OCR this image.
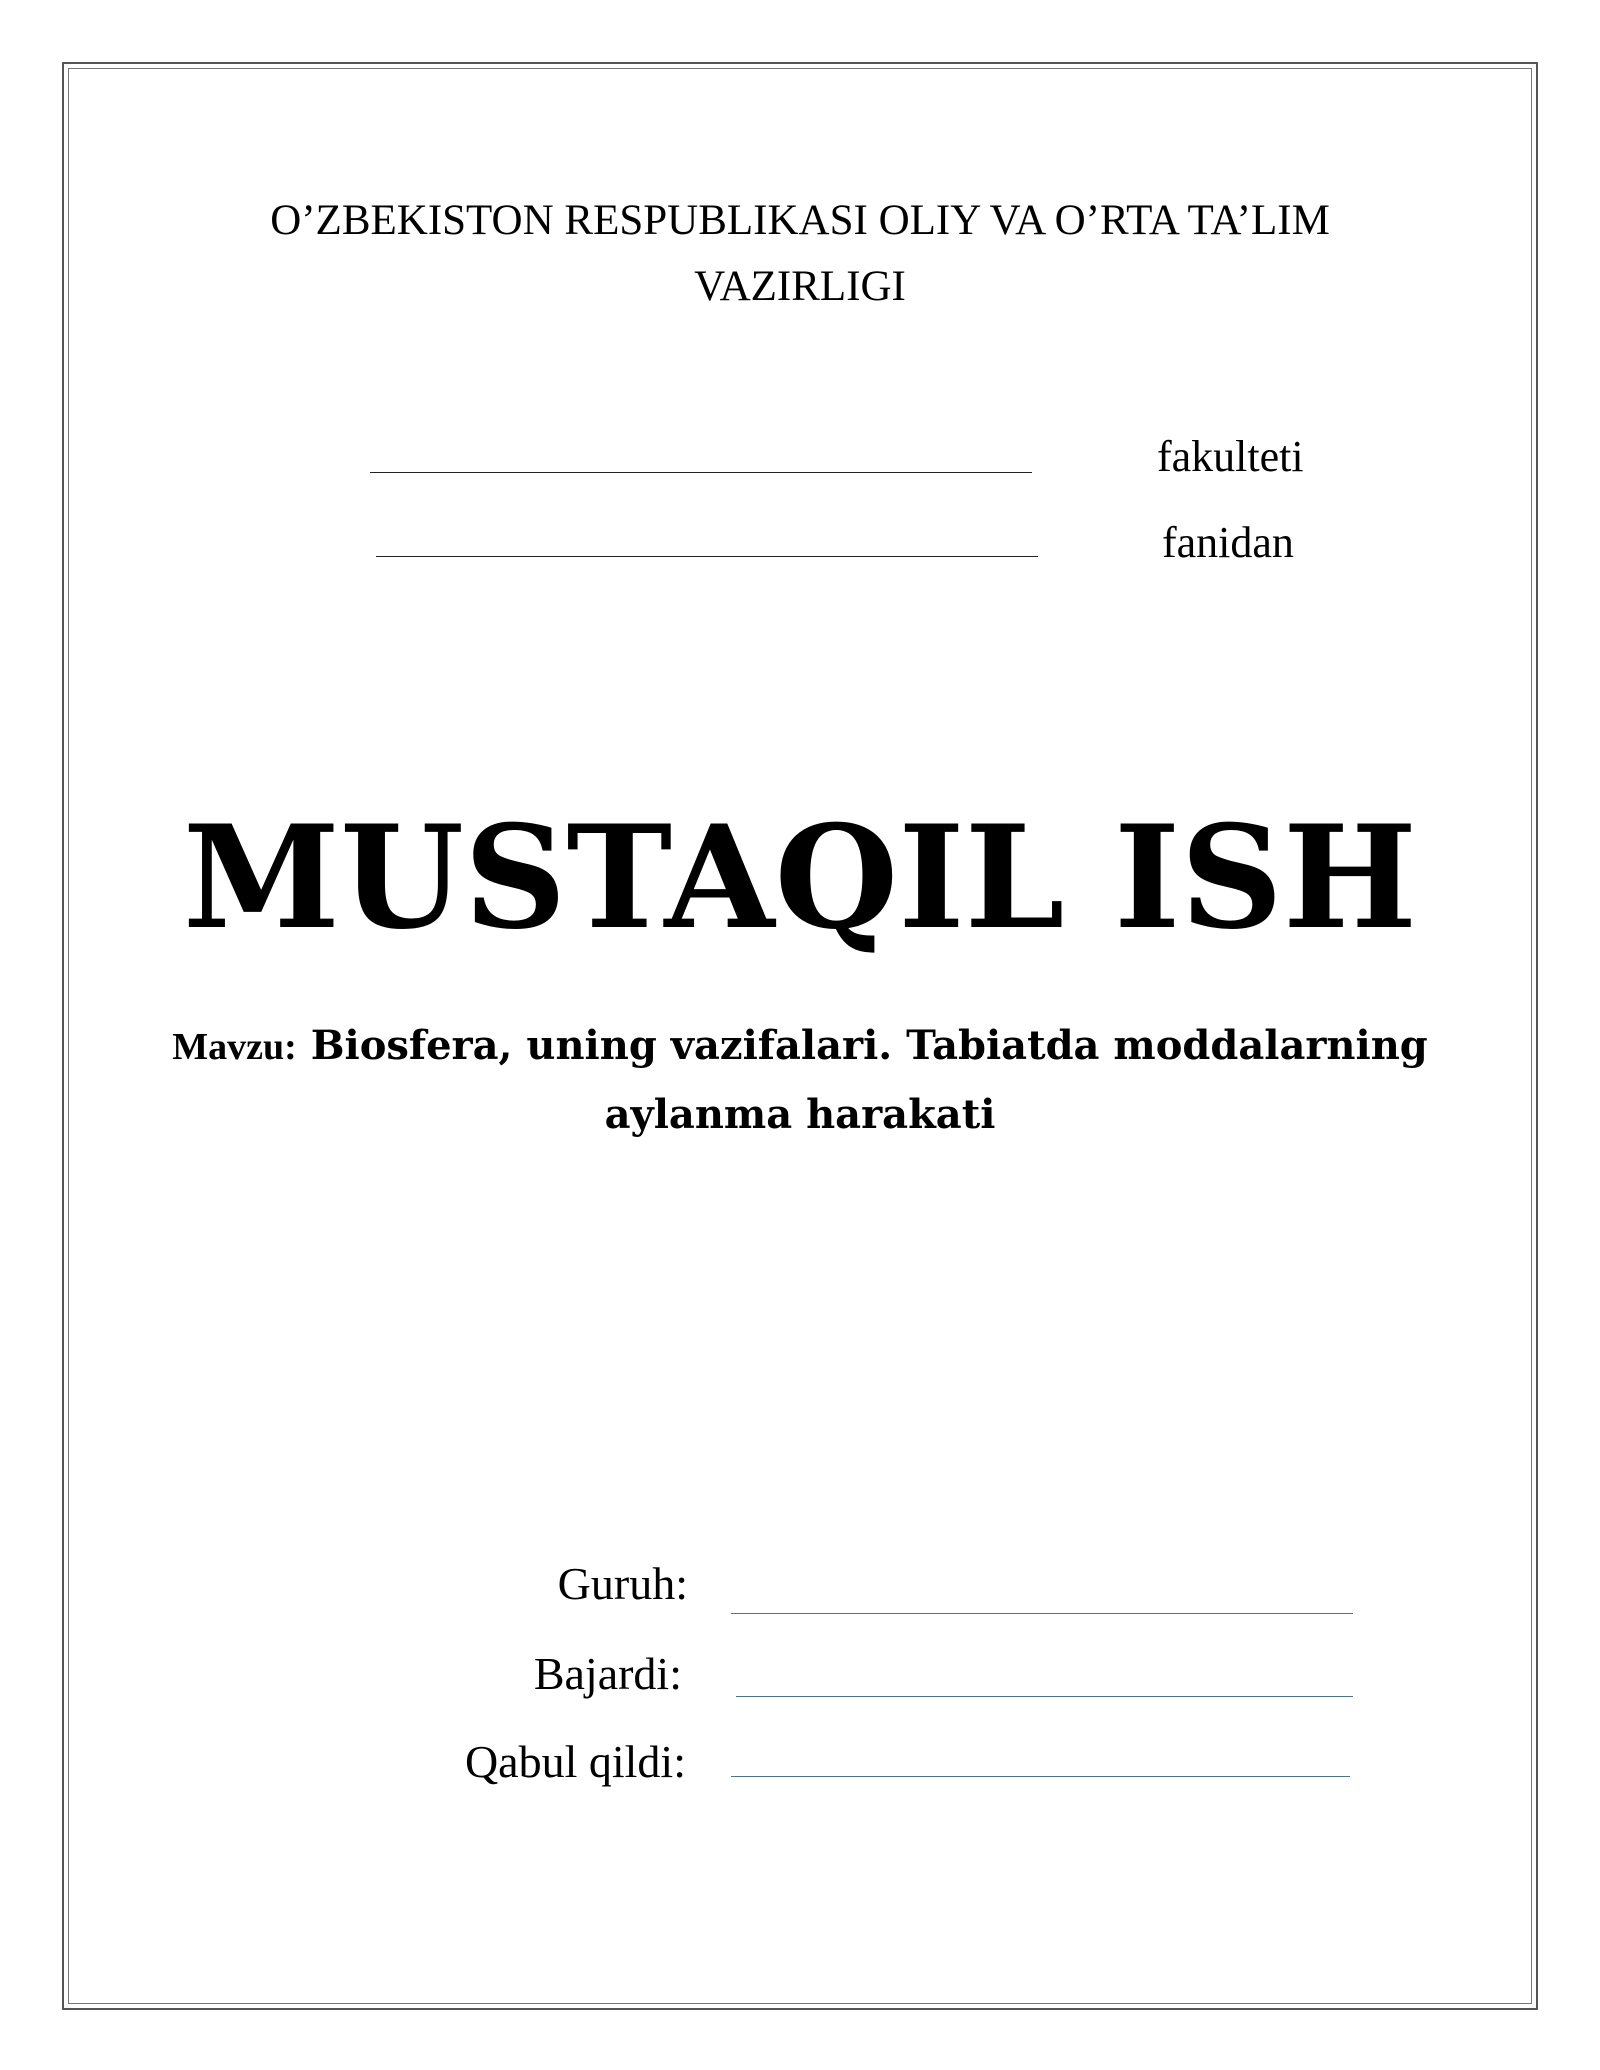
O’ZBEKISTON RESPUBLIKASI OLIY VA O’RTA TA’LIM
VAZIRLIGI
fakulteti
fanidan
MUSTAQIL ISH
Mavzu: Biosfera, uning vazifalari. Tabiatda moddalarning
aylanma harakati
Guruh:
Bajardi:
Qabul qildi:
